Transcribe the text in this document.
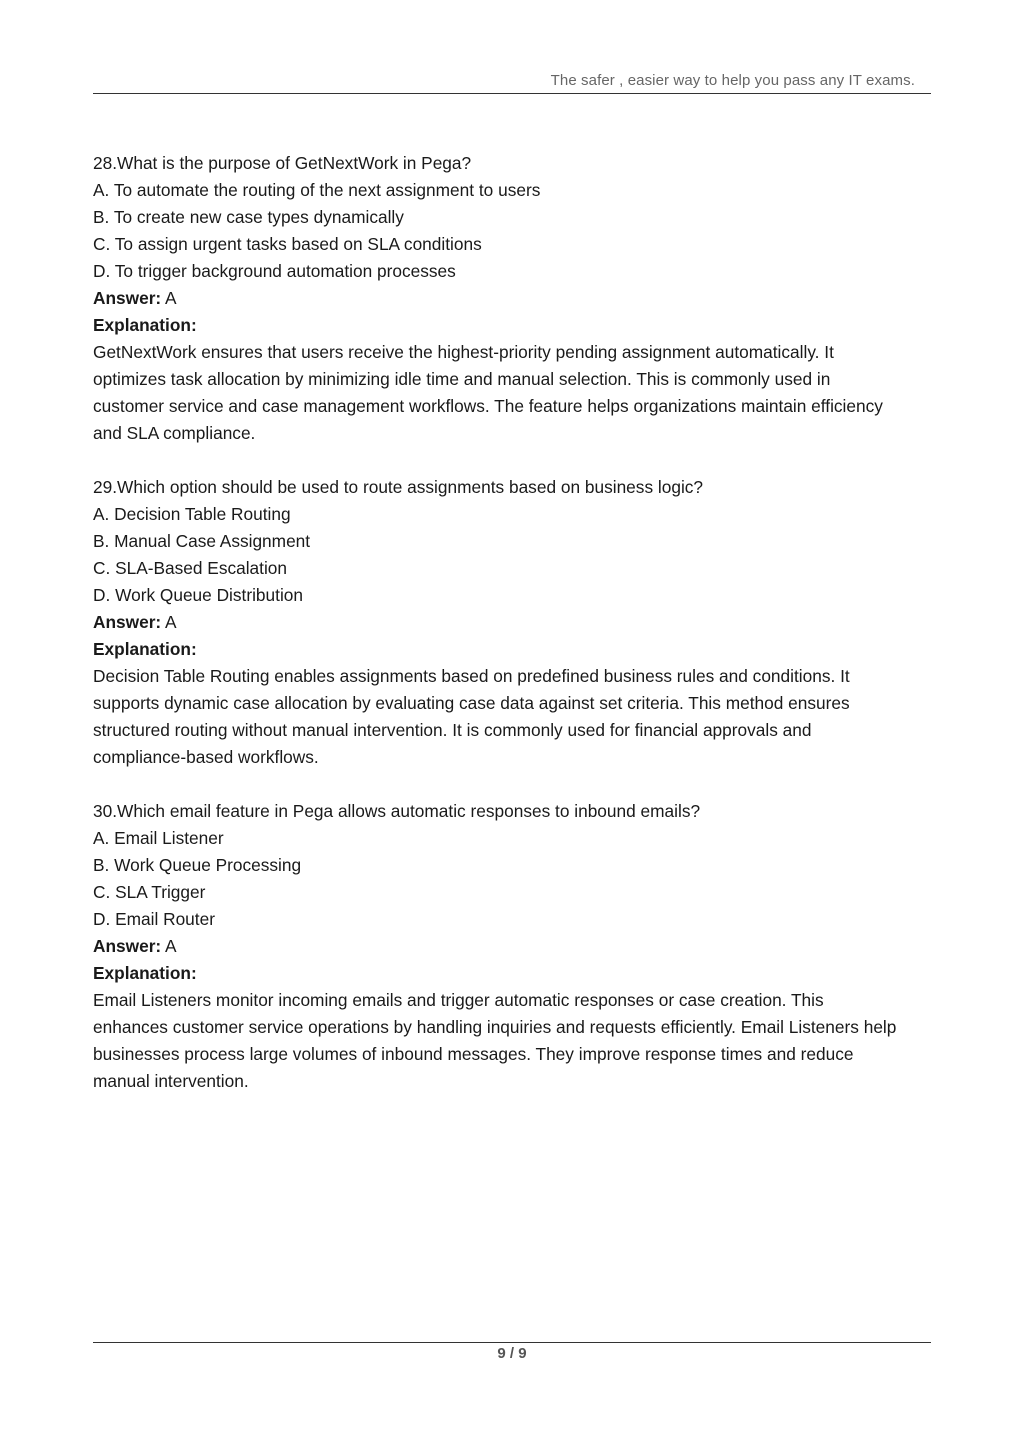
The safer , easier way to help you pass any IT exams.
28.What is the purpose of GetNextWork in Pega?
A. To automate the routing of the next assignment to users
B. To create new case types dynamically
C. To assign urgent tasks based on SLA conditions
D. To trigger background automation processes
Answer: A
Explanation:
GetNextWork ensures that users receive the highest-priority pending assignment automatically. It
optimizes task allocation by minimizing idle time and manual selection. This is commonly used in
customer service and case management workflows. The feature helps organizations maintain efficiency
and SLA compliance.
29.Which option should be used to route assignments based on business logic?
A. Decision Table Routing
B. Manual Case Assignment
C. SLA-Based Escalation
D. Work Queue Distribution
Answer: A
Explanation:
Decision Table Routing enables assignments based on predefined business rules and conditions. It
supports dynamic case allocation by evaluating case data against set criteria. This method ensures
structured routing without manual intervention. It is commonly used for financial approvals and
compliance-based workflows.
30.Which email feature in Pega allows automatic responses to inbound emails?
A. Email Listener
B. Work Queue Processing
C. SLA Trigger
D. Email Router
Answer: A
Explanation:
Email Listeners monitor incoming emails and trigger automatic responses or case creation. This
enhances customer service operations by handling inquiries and requests efficiently. Email Listeners help
businesses process large volumes of inbound messages. They improve response times and reduce
manual intervention.
9 / 9
